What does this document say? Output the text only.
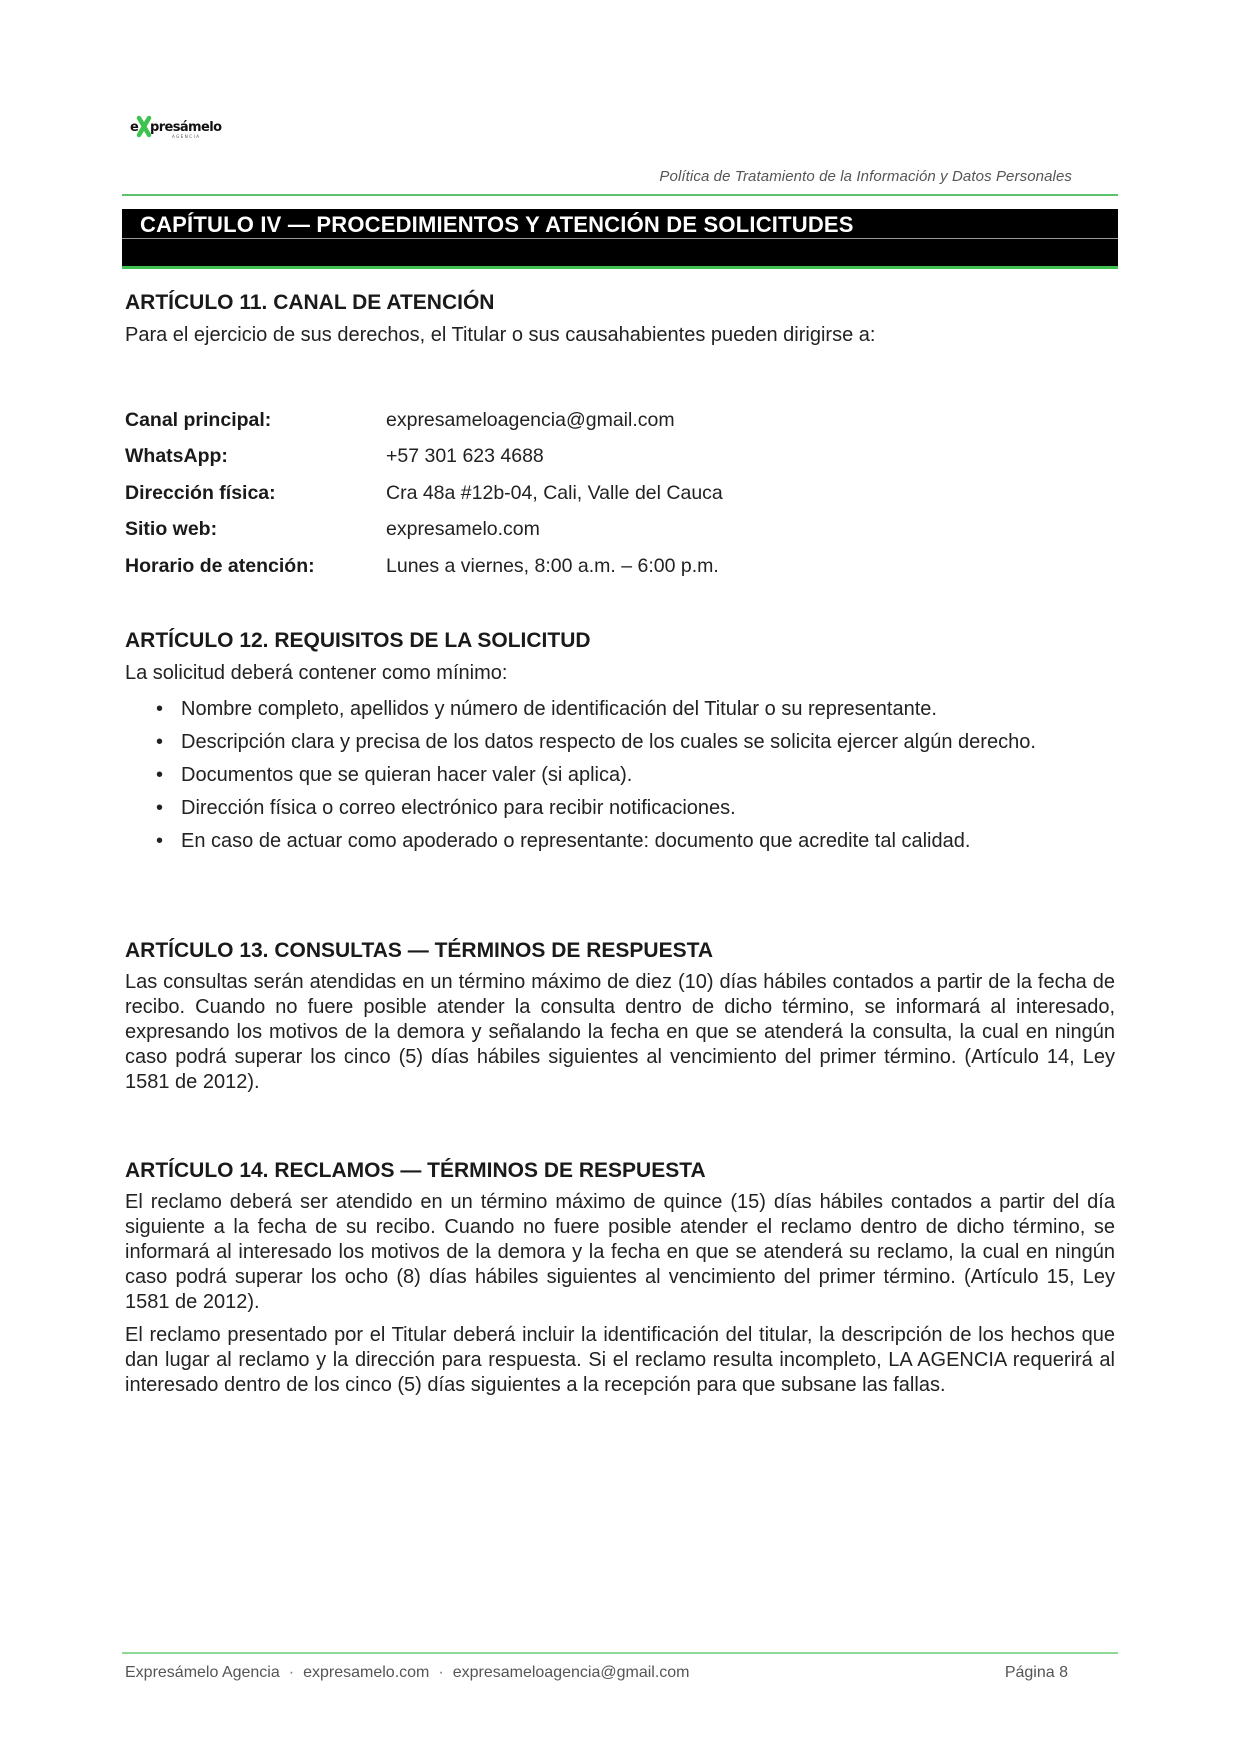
e presámelo
AGENCIA
Política de Tratamiento de la Información y Datos Personales
CAPÍTULO IV — PROCEDIMIENTOS Y ATENCIÓN DE SOLICITUDES
ARTÍCULO 11. CANAL DE ATENCIÓN
Para el ejercicio de sus derechos, el Titular o sus causahabientes pueden dirigirse a:
Canal principal:	expresameloagencia@gmail.com
WhatsApp:	+57 301 623 4688
Dirección física:	Cra 48a #12b-04, Cali, Valle del Cauca
Sitio web:	expresamelo.com
Horario de atención:	Lunes a viernes, 8:00 a.m. – 6:00 p.m.
ARTÍCULO 12. REQUISITOS DE LA SOLICITUD
La solicitud deberá contener como mínimo:
• Nombre completo, apellidos y número de identificación del Titular o su representante.
• Descripción clara y precisa de los datos respecto de los cuales se solicita ejercer algún derecho.
• Documentos que se quieran hacer valer (si aplica).
• Dirección física o correo electrónico para recibir notificaciones.
• En caso de actuar como apoderado o representante: documento que acredite tal calidad.
ARTÍCULO 13. CONSULTAS — TÉRMINOS DE RESPUESTA
Las consultas serán atendidas en un término máximo de diez (10) días hábiles contados a partir de la fecha de recibo. Cuando no fuere posible atender la consulta dentro de dicho término, se informará al interesado, expresando los motivos de la demora y señalando la fecha en que se atenderá la consulta, la cual en ningún caso podrá superar los cinco (5) días hábiles siguientes al vencimiento del primer término. (Artículo 14, Ley 1581 de 2012).
ARTÍCULO 14. RECLAMOS — TÉRMINOS DE RESPUESTA
El reclamo deberá ser atendido en un término máximo de quince (15) días hábiles contados a partir del día siguiente a la fecha de su recibo. Cuando no fuere posible atender el reclamo dentro de dicho término, se informará al interesado los motivos de la demora y la fecha en que se atenderá su reclamo, la cual en ningún caso podrá superar los ocho (8) días hábiles siguientes al vencimiento del primer término. (Artículo 15, Ley 1581 de 2012).
El reclamo presentado por el Titular deberá incluir la identificación del titular, la descripción de los hechos que dan lugar al reclamo y la dirección para respuesta. Si el reclamo resulta incompleto, LA AGENCIA requerirá al interesado dentro de los cinco (5) días siguientes a la recepción para que subsane las fallas.
Expresámelo Agencia · expresamelo.com · expresameloagencia@gmail.com	Página 8
